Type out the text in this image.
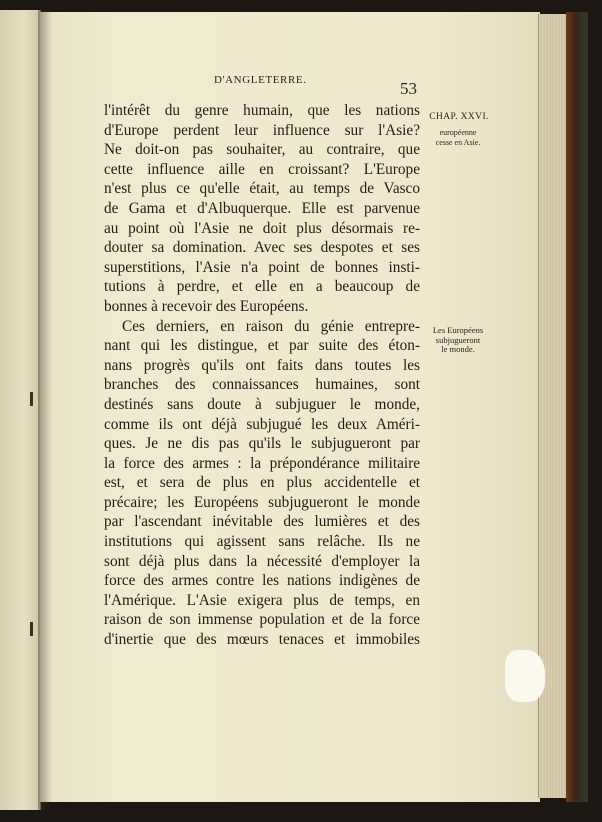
D'ANGLETERRE.	53
CHAP. XXVI.
européenne
cesse en Asie.
Les Européens
subjugueront
le monde.
l'intérêt du genre humain, que les nations
d'Europe perdent leur influence sur l'Asie?
Ne doit-on pas souhaiter, au contraire, que
cette influence aille en croissant? L'Europe
n'est plus ce qu'elle était, au temps de Vasco
de Gama et d'Albuquerque. Elle est parvenue
au point où l'Asie ne doit plus désormais re-
douter sa domination. Avec ses despotes et ses
superstitions, l'Asie n'a point de bonnes insti-
tutions à perdre, et elle en a beaucoup de
bonnes à recevoir des Européens.
Ces derniers, en raison du génie entrepre-
nant qui les distingue, et par suite des éton-
nans progrès qu'ils ont faits dans toutes les
branches des connaissances humaines, sont
destinés sans doute à subjuguer le monde,
comme ils ont déjà subjugué les deux Améri-
ques. Je ne dis pas qu'ils le subjugueront par
la force des armes : la prépondérance militaire
est, et sera de plus en plus accidentelle et
précaire; les Européens subjugueront le monde
par l'ascendant inévitable des lumières et des
institutions qui agissent sans relâche. Ils ne
sont déjà plus dans la nécessité d'employer la
force des armes contre les nations indigènes de
l'Amérique. L'Asie exigera plus de temps, en
raison de son immense population et de la force
d'inertie que des mœurs tenaces et immobiles
